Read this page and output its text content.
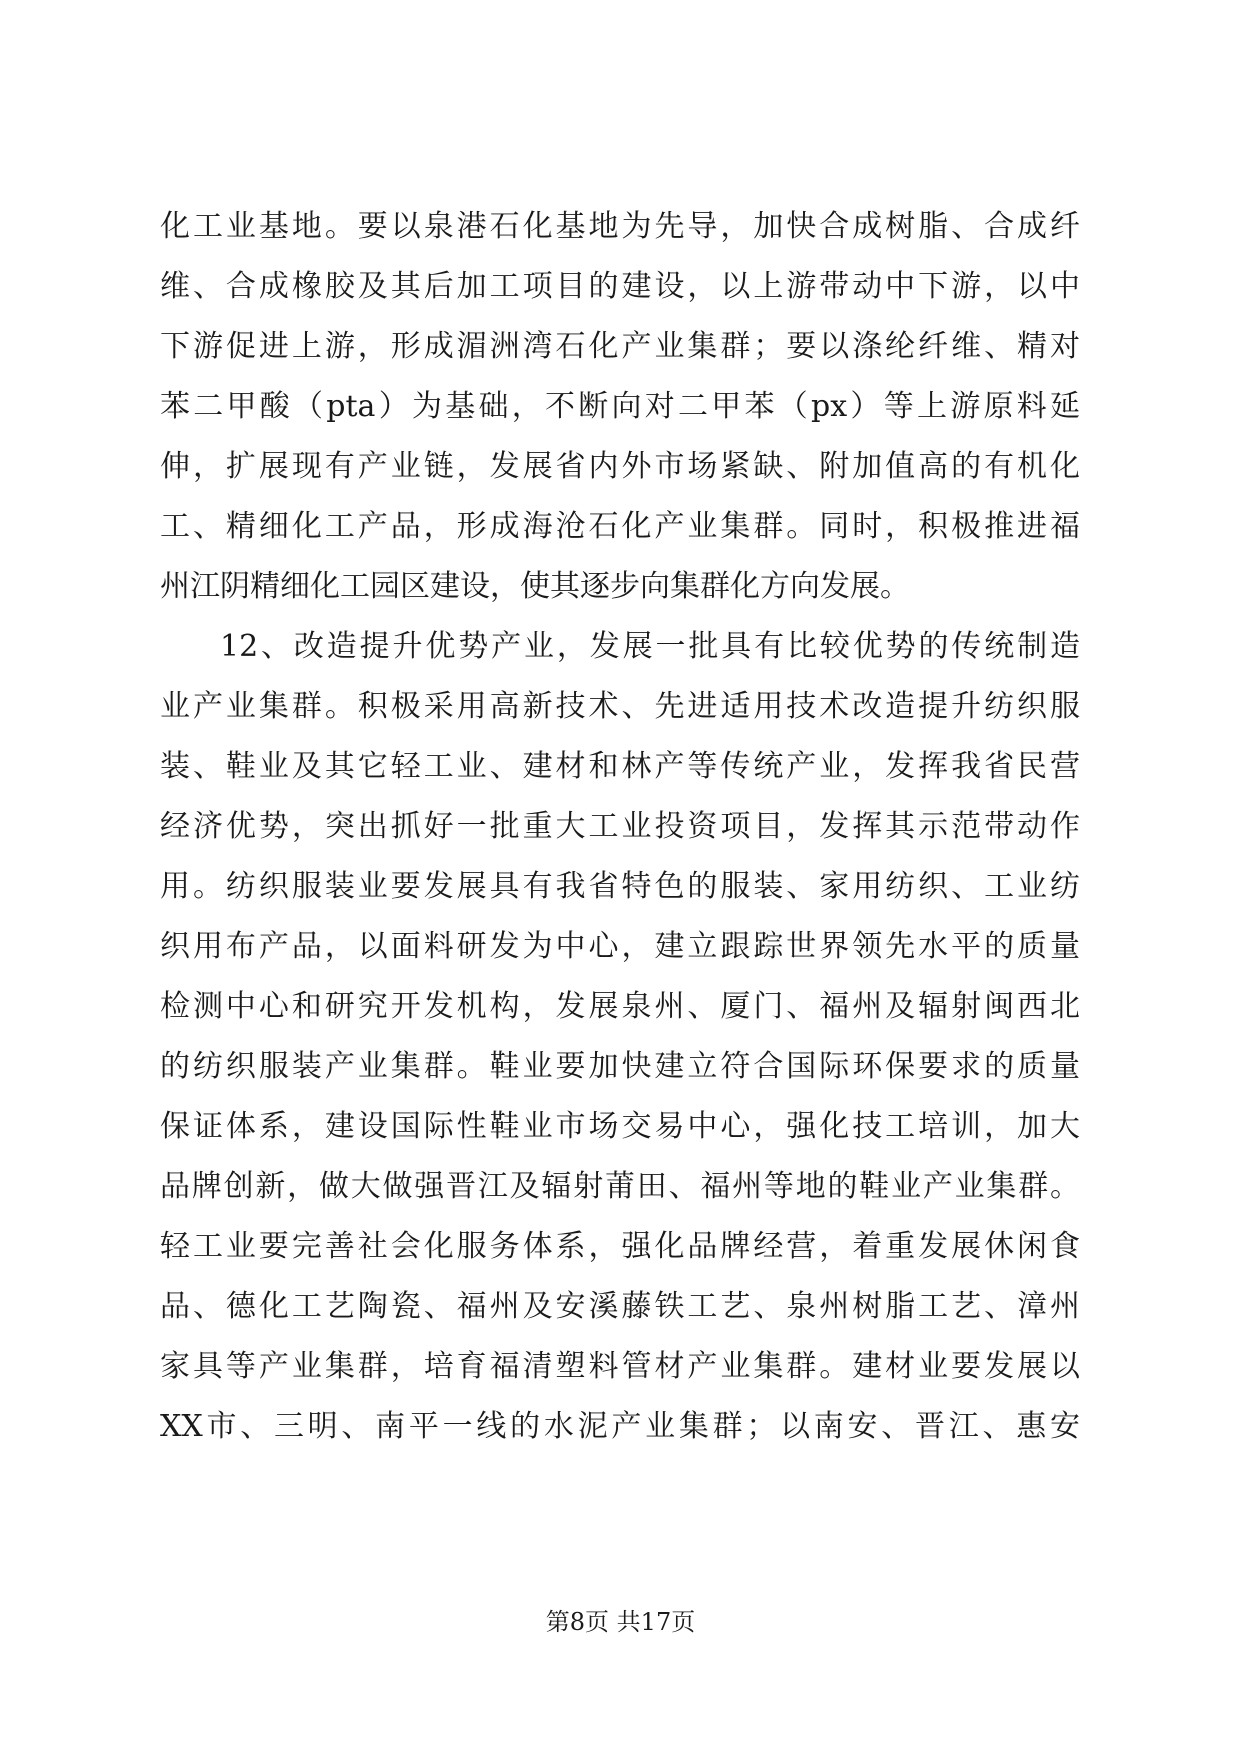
化工业基地。要以泉港石化基地为先导，加快合成树脂、合成纤
维、合成橡胶及其后加工项目的建设，以上游带动中下游，以中
下游促进上游，形成湄洲湾石化产业集群；要以涤纶纤维、精对
苯二甲酸（pta）为基础，不断向对二甲苯（px）等上游原料延
伸，扩展现有产业链，发展省内外市场紧缺、附加值高的有机化
工、精细化工产品，形成海沧石化产业集群。同时，积极推进福
州江阴精细化工园区建设，使其逐步向集群化方向发展。
12、改造提升优势产业，发展一批具有比较优势的传统制造
业产业集群。积极采用高新技术、先进适用技术改造提升纺织服
装、鞋业及其它轻工业、建材和林产等传统产业，发挥我省民营
经济优势，突出抓好一批重大工业投资项目，发挥其示范带动作
用。纺织服装业要发展具有我省特色的服装、家用纺织、工业纺
织用布产品，以面料研发为中心，建立跟踪世界领先水平的质量
检测中心和研究开发机构，发展泉州、厦门、福州及辐射闽西北
的纺织服装产业集群。鞋业要加快建立符合国际环保要求的质量
保证体系，建设国际性鞋业市场交易中心，强化技工培训，加大
品牌创新，做大做强晋江及辐射莆田、福州等地的鞋业产业集群。
轻工业要完善社会化服务体系，强化品牌经营，着重发展休闲食
品、德化工艺陶瓷、福州及安溪藤铁工艺、泉州树脂工艺、漳州
家具等产业集群，培育福清塑料管材产业集群。建材业要发展以
XX市、三明、南平一线的水泥产业集群；以南安、晋江、惠安
第8页 共17页
